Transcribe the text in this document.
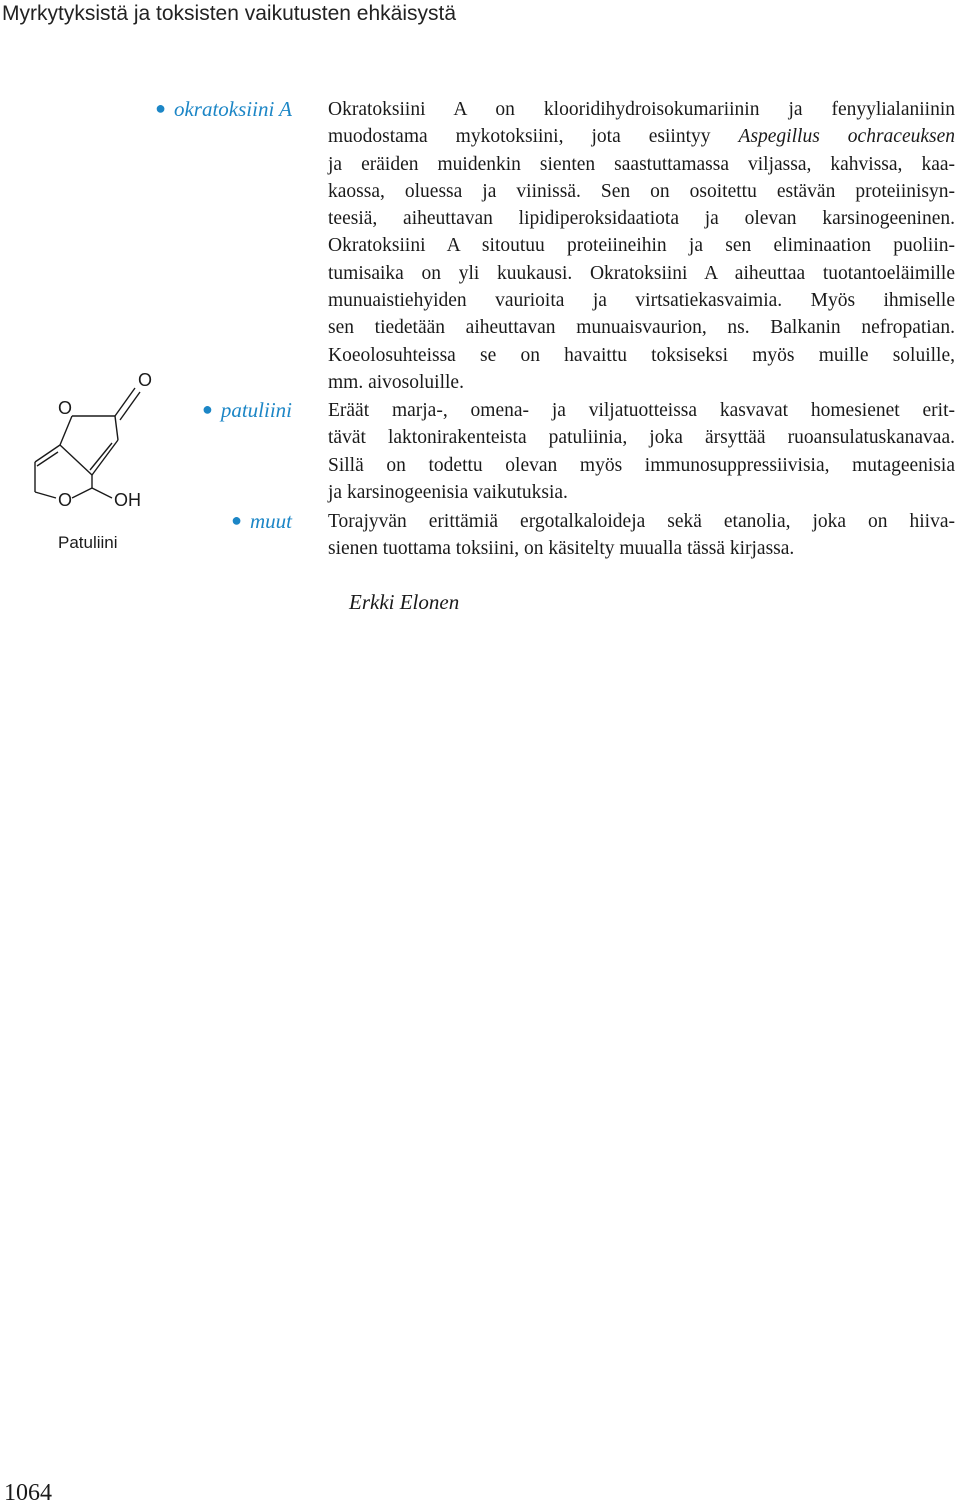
Myrkytyksistä ja toksisten vaikutusten ehkäisystä
● okratoksiini A Okratoksiini A on klooridihydroisokumariinin ja fenyylialaniinin
muodostama mykotoksiini, jota esiintyy Aspegillus ochraceuksen
ja eräiden muidenkin sienten saastuttamassa viljassa, kahvissa, kaa-
kaossa, oluessa ja viinissä. Sen on osoitettu estävän proteiinisyn-
teesiä, aiheuttavan lipidiperoksidaatiota ja olevan karsinogeeninen.
Okratoksiini A sitoutuu proteiineihin ja sen eliminaation puoliin-
tumisaika on yli kuukausi. Okratoksiini A aiheuttaa tuotantoeläimille
munuaistiehyiden vaurioita ja virtsatiekasvaimia. Myös ihmiselle
sen tiedetään aiheuttavan munuaisvaurion, ns. Balkanin nefropatian.
Koeolosuhteissa se on havaittu toksiseksi myös muille soluille,
mm. aivosoluille.
● patuliini Eräät marja-, omena- ja viljatuotteissa kasvavat homesienet erit-
tävät laktonirakenteista patuliinia, joka ärsyttää ruoansulatuskanavaa.
Sillä on todettu olevan myös immunosuppressiivisia, mutageenisia
ja karsinogeenisia vaikutuksia.
● muut Torajyvän erittämiä ergotalkaloideja sekä etanolia, joka on hiiva-
sienen tuottama toksiini, on käsitelty muualla tässä kirjassa.
O
O
O OH
Patuliini
Erkki Elonen
1064
